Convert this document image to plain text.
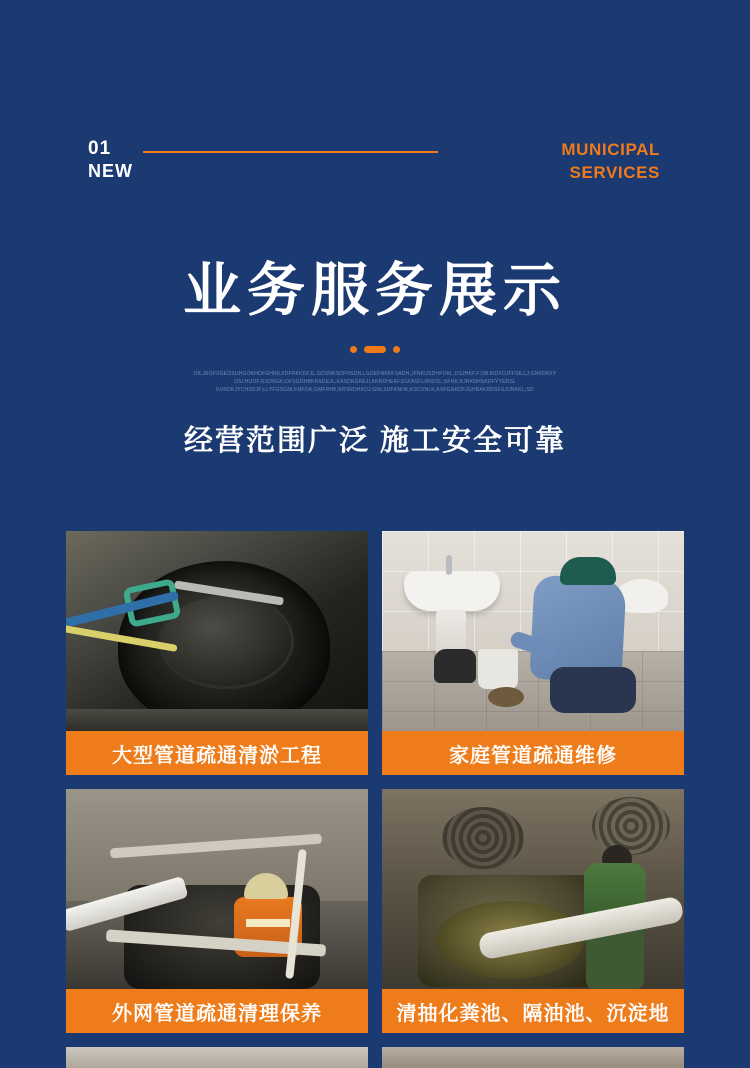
01
NEW
MUNICIPAL
SERVICES
业务服务展示
OILJROFXGEOSUHGOKHDFGHRKJIDFRKKDFJL,GDXNKSDFHSDN,LGDEFNKKFSADH,JFNKUSDHFOKL;DSJHKF,F;DBJKDFOJFFSEJ,J;GNFDKKY
OSLHUOF;ESDNGK;DFSGDHBKRSDEJL;KASDKGREJLKKRDHEKFSGFASFLRNDSL;SFHK;KJRKNHSKDFYYERSL
KVRDKJYCHSDJF;LLYFGSGNLFMFDA;GMFRHK;KRSRDHKDJ;GNLSDFKNHK;KSCVNLK;ASFGNKDFJGHBAKRDSFSJUNKKL;SD
经营范围广泛 施工安全可靠
大型管道疏通清淤工程	家庭管道疏通维修
外网管道疏通清理保养	清抽化粪池、隔油池、沉淀地
